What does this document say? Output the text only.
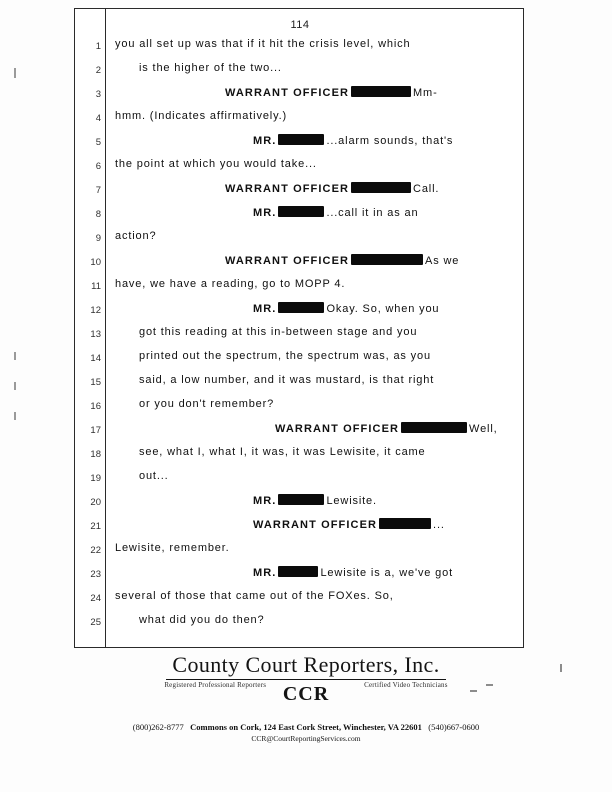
114
1 you all set up was that if it hit the crisis level, which
2	is the higher of the two...
3	WARRANT OFFICER	Mm-
4 hmm. (Indicates affirmatively.)
5	MR.	...alarm sounds, that's
6 the point at which you would take...
7	WARRANT OFFICER	Call.
8	MR.	...call it in as an
9 action?
10	WARRANT OFFICER	As we
11 have, we have a reading, go to MOPP 4.
12	MR.	Okay. So, when you
13	got this reading at this in-between stage and you
14	printed out the spectrum, the spectrum was, as you
15	said, a low number, and it was mustard, is that right
16	or you don't remember?
17	WARRANT OFFICER	Well,
18	see, what I, what I, it was, it was Lewisite, it came
19	out...
20	MR.	Lewisite.
21	WARRANT OFFICER	...
22 Lewisite, remember.
23	MR.	Lewisite is a, we've got
24 several of those that came out of the FOXes. So,
25	what did you do then?
County Court Reporters, Inc.
Registered Professional Reporters	Certified Video Technicians
CCR
(800)262-8777 Commons on Cork, 124 East Cork Street, Winchester, VA 22601 (540)667-0600
CCR@CourtReportingServices.com
